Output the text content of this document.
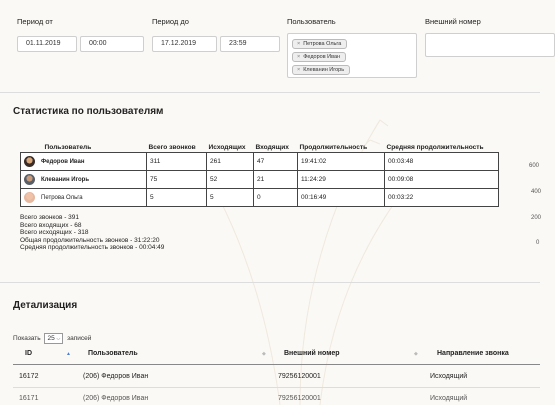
Период от
01.11.2019	00:00
Период до
17.12.2019	23:59
Пользователь
× Петрова Ольга
× Федоров Иван
× Клеванин Игорь
Внешний номер
Статистика по пользователям
Пользователь	Всего звонков	Исходящих	Входящих	Продолжительность	Средняя продолжительность
Федоров Иван	311	261	47	19:41:02	00:03:48
Клеванин Игорь	75	52	21	11:24:29	00:09:08
Петрова Ольга	5	5	0	00:16:49	00:03:22
Всего звонков - 391
Всего входящих - 68
Всего исходящих - 318
Общая продолжительность звонков - 31:22:20
Средняя продолжительность звонков - 00:04:49
600
400
200
0
Детализация
Показать 25 ⌵ записей
ID	▲ Пользователь	◆	Внешний номер	◆	Направление звонка
16172	(206) Федоров Иван	79256120001	Исходящий
16171	(206) Федоров Иван	79256120001	Исходящий
